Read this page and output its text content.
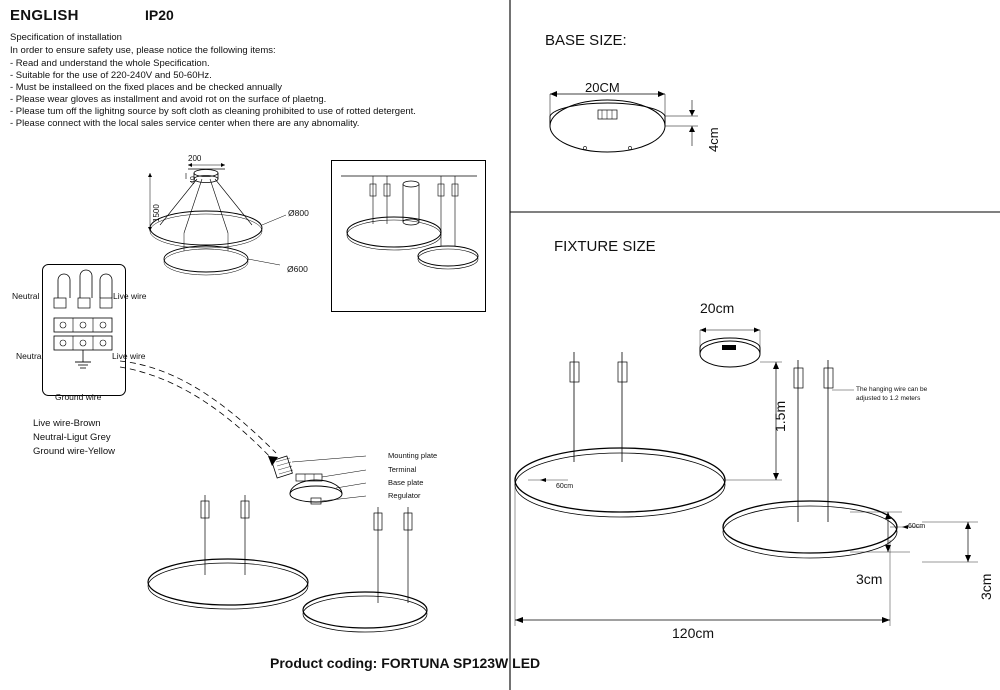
ENGLISH	IP20
Specification of installation
In order to ensure safety use, please notice the following items:
- Read and understand the whole Specification.
- Suitable for the use of 220-240V and 50-60Hz.
- Must be installeed on the fixed places and be checked annually
- Please wear gloves as installment and avoid rot on the surface of plaetng.
- Please tum off the lighitng source by soft cloth as cleaning prohibited to use of rotted detergent.
- Please connect with the local sales service center when there are any abnomality.
200
40
1500	Ø800
Ø600
Neutral	Live wire
Neutral	Live wire
Ground wire
Live wire-Brown
Neutral-Ligut Grey
Ground wire-Yellow	Mounting plate
Terminal
Base plate
Regulator
BASE SIZE:
20CM
4cm
FIXTURE SIZE
20cm
1.5m
60cm
60cm
3cm	3cm
120cm
The hanging wire can be adjusted to 1.2 meters
Product coding: FORTUNA SP123W LED
